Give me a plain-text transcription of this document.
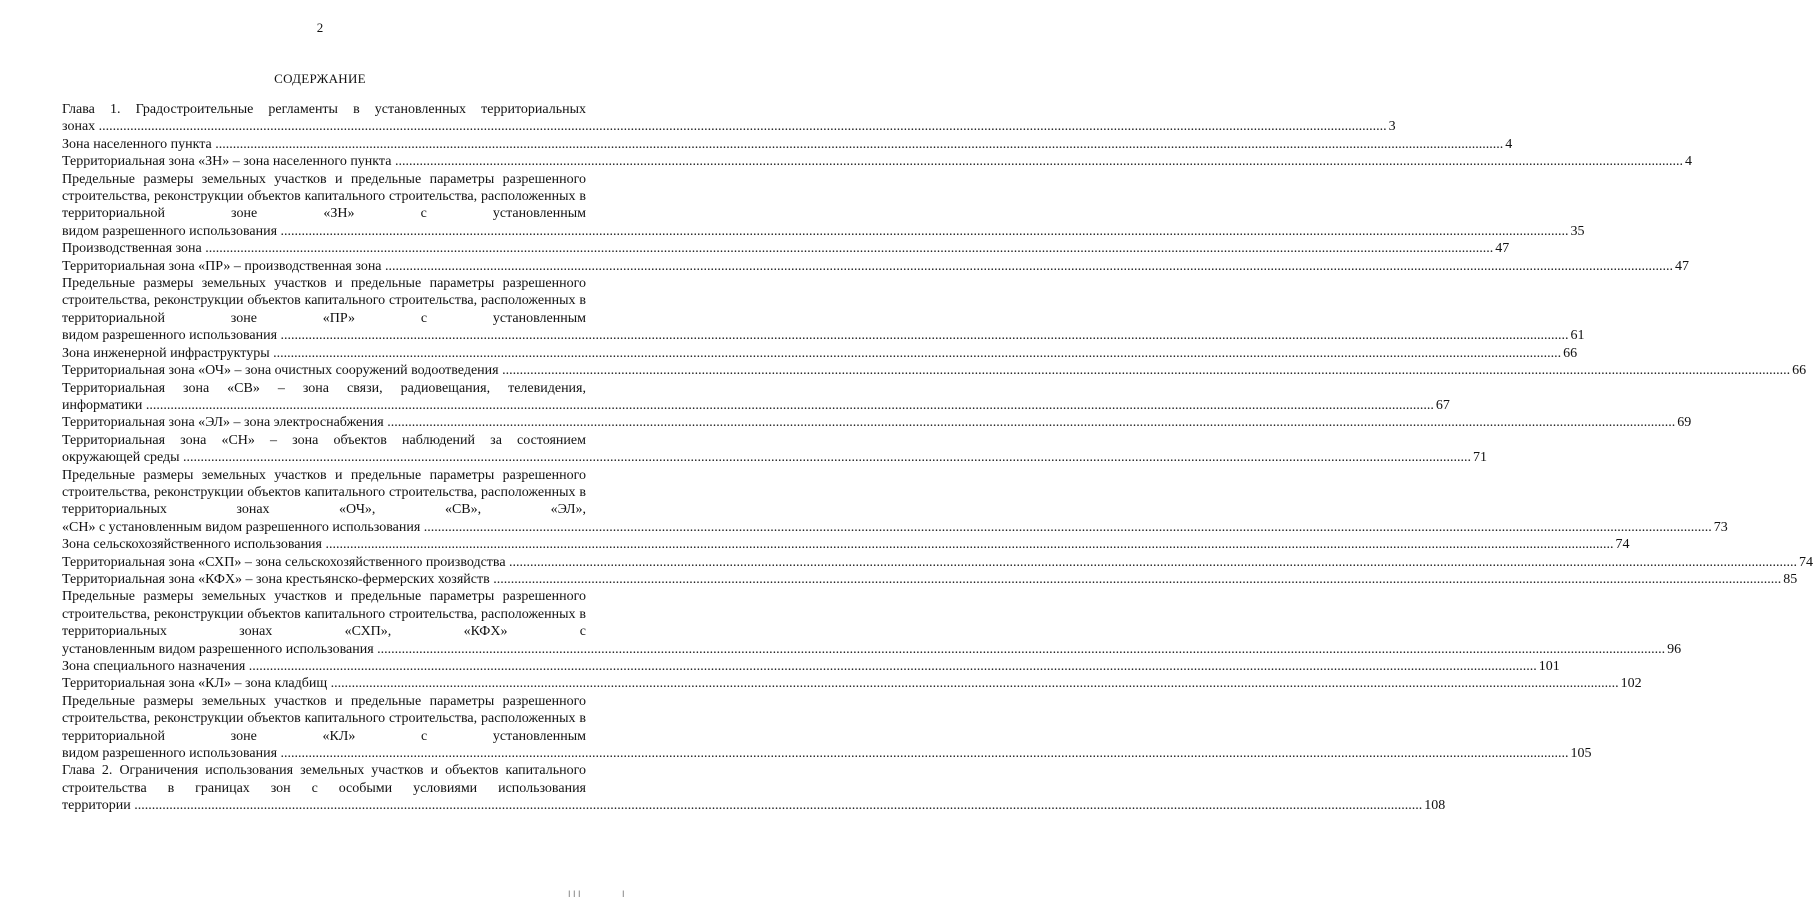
2
СОДЕРЖАНИЕ
Глава 1. Градостроительные регламенты в установленных территориальных
зонах .....	3
Зона населенного пункта .....	4
Территориальная зона «ЗН» – зона населенного пункта .....	4
Предельные размеры земельных участков и предельные параметры разрешенного строительства, реконструкции объектов капитального строительства, расположенных в территориальной зоне «ЗН» с установленным
видом разрешенного использования .....	35
Производственная зона .....	47
Территориальная зона «ПР» – производственная зона .....	47
Предельные размеры земельных участков и предельные параметры разрешенного строительства, реконструкции объектов капитального строительства, расположенных в территориальной зоне «ПР» с установленным
видом разрешенного использования .....	61
Зона инженерной инфраструктуры .....	66
Территориальная зона «ОЧ» – зона очистных сооружений водоотведения .....	66
Территориальная зона «СВ» – зона связи, радиовещания, телевидения,
информатики .....	67
Территориальная зона «ЭЛ» – зона электроснабжения .....	69
Территориальная зона «СН» – зона объектов наблюдений за состоянием
окружающей среды .....	71
Предельные размеры земельных участков и предельные параметры разрешенного строительства, реконструкции объектов капитального строительства, расположенных в территориальных зонах «ОЧ», «СВ», «ЭЛ»,
«СН» с установленным видом разрешенного использования .....	73
Зона сельскохозяйственного использования .....	74
Территориальная зона «СХП» – зона сельскохозяйственного производства .....	74
Территориальная зона «КФХ» – зона крестьянско-фермерских хозяйств .....	85
Предельные размеры земельных участков и предельные параметры разрешенного строительства, реконструкции объектов капитального строительства, расположенных в территориальных зонах «СХП», «КФХ» с
установленным видом разрешенного использования .....	96
Зона специального назначения .....	101
Территориальная зона «КЛ» – зона кладбищ .....	102
Предельные размеры земельных участков и предельные параметры разрешенного строительства, реконструкции объектов капитального строительства, расположенных в территориальной зоне «КЛ» с установленным
видом разрешенного использования .....	105
Глава 2. Ограничения использования земельных участков и объектов капитального строительства в границах зон с особыми условиями использования
территории .....	108
I I I	I
